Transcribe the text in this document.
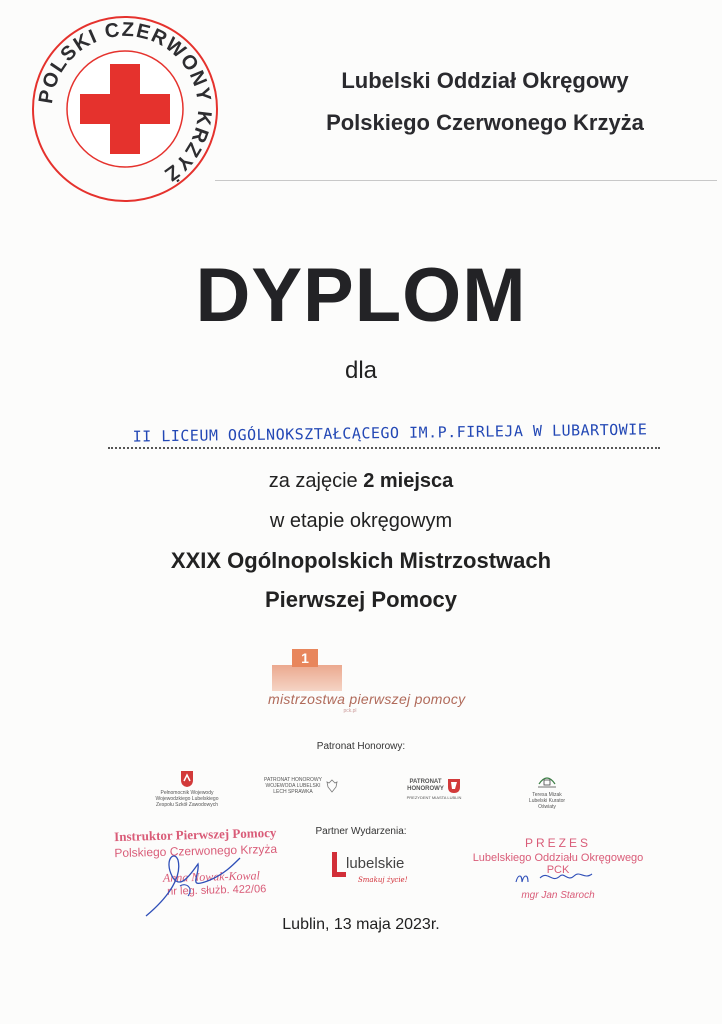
POLSKI CZERWONY KRZYŻ
Lubelski Oddział Okręgowy
Polskiego Czerwonego Krzyża
DYPLOM
dla
II LICEUM OGÓLNOKSZTAŁCĄCEGO IM.P.FIRLEJA W LUBARTOWIE
za zajęcie 2 miejsca
w etapie okręgowym
XXIX Ogólnopolskich Mistrzostwach
Pierwszej Pomocy
1
mistrzostwa pierwszej pomocy
pck.pl
Patronat Honorowy:
Pełnomocnik Wojewody
Wojewodzkiego Lubelskiego
Zespołu Szkół Zawodowych
PATRONAT HONOROWY
WOJEWODA LUBELSKI
LECH SPRAWKA
PATRONAT
HONOROWY
PREZYDENT MIASTA LUBLIN	Teresa Mizak
Lubelski Kurator Oświaty
Partner Wydarzenia:
lubelskie
Smakuj życie!
Instruktor Pierwszej Pomocy
Polskiego Czerwonego Krzyża
Anna Nowak-Kowal
nr leg. służb. 422/06
PREZES
Lubelskiego Oddziału Okręgowego PCK
mgr Jan Staroch
Lublin, 13 maja 2023r.
